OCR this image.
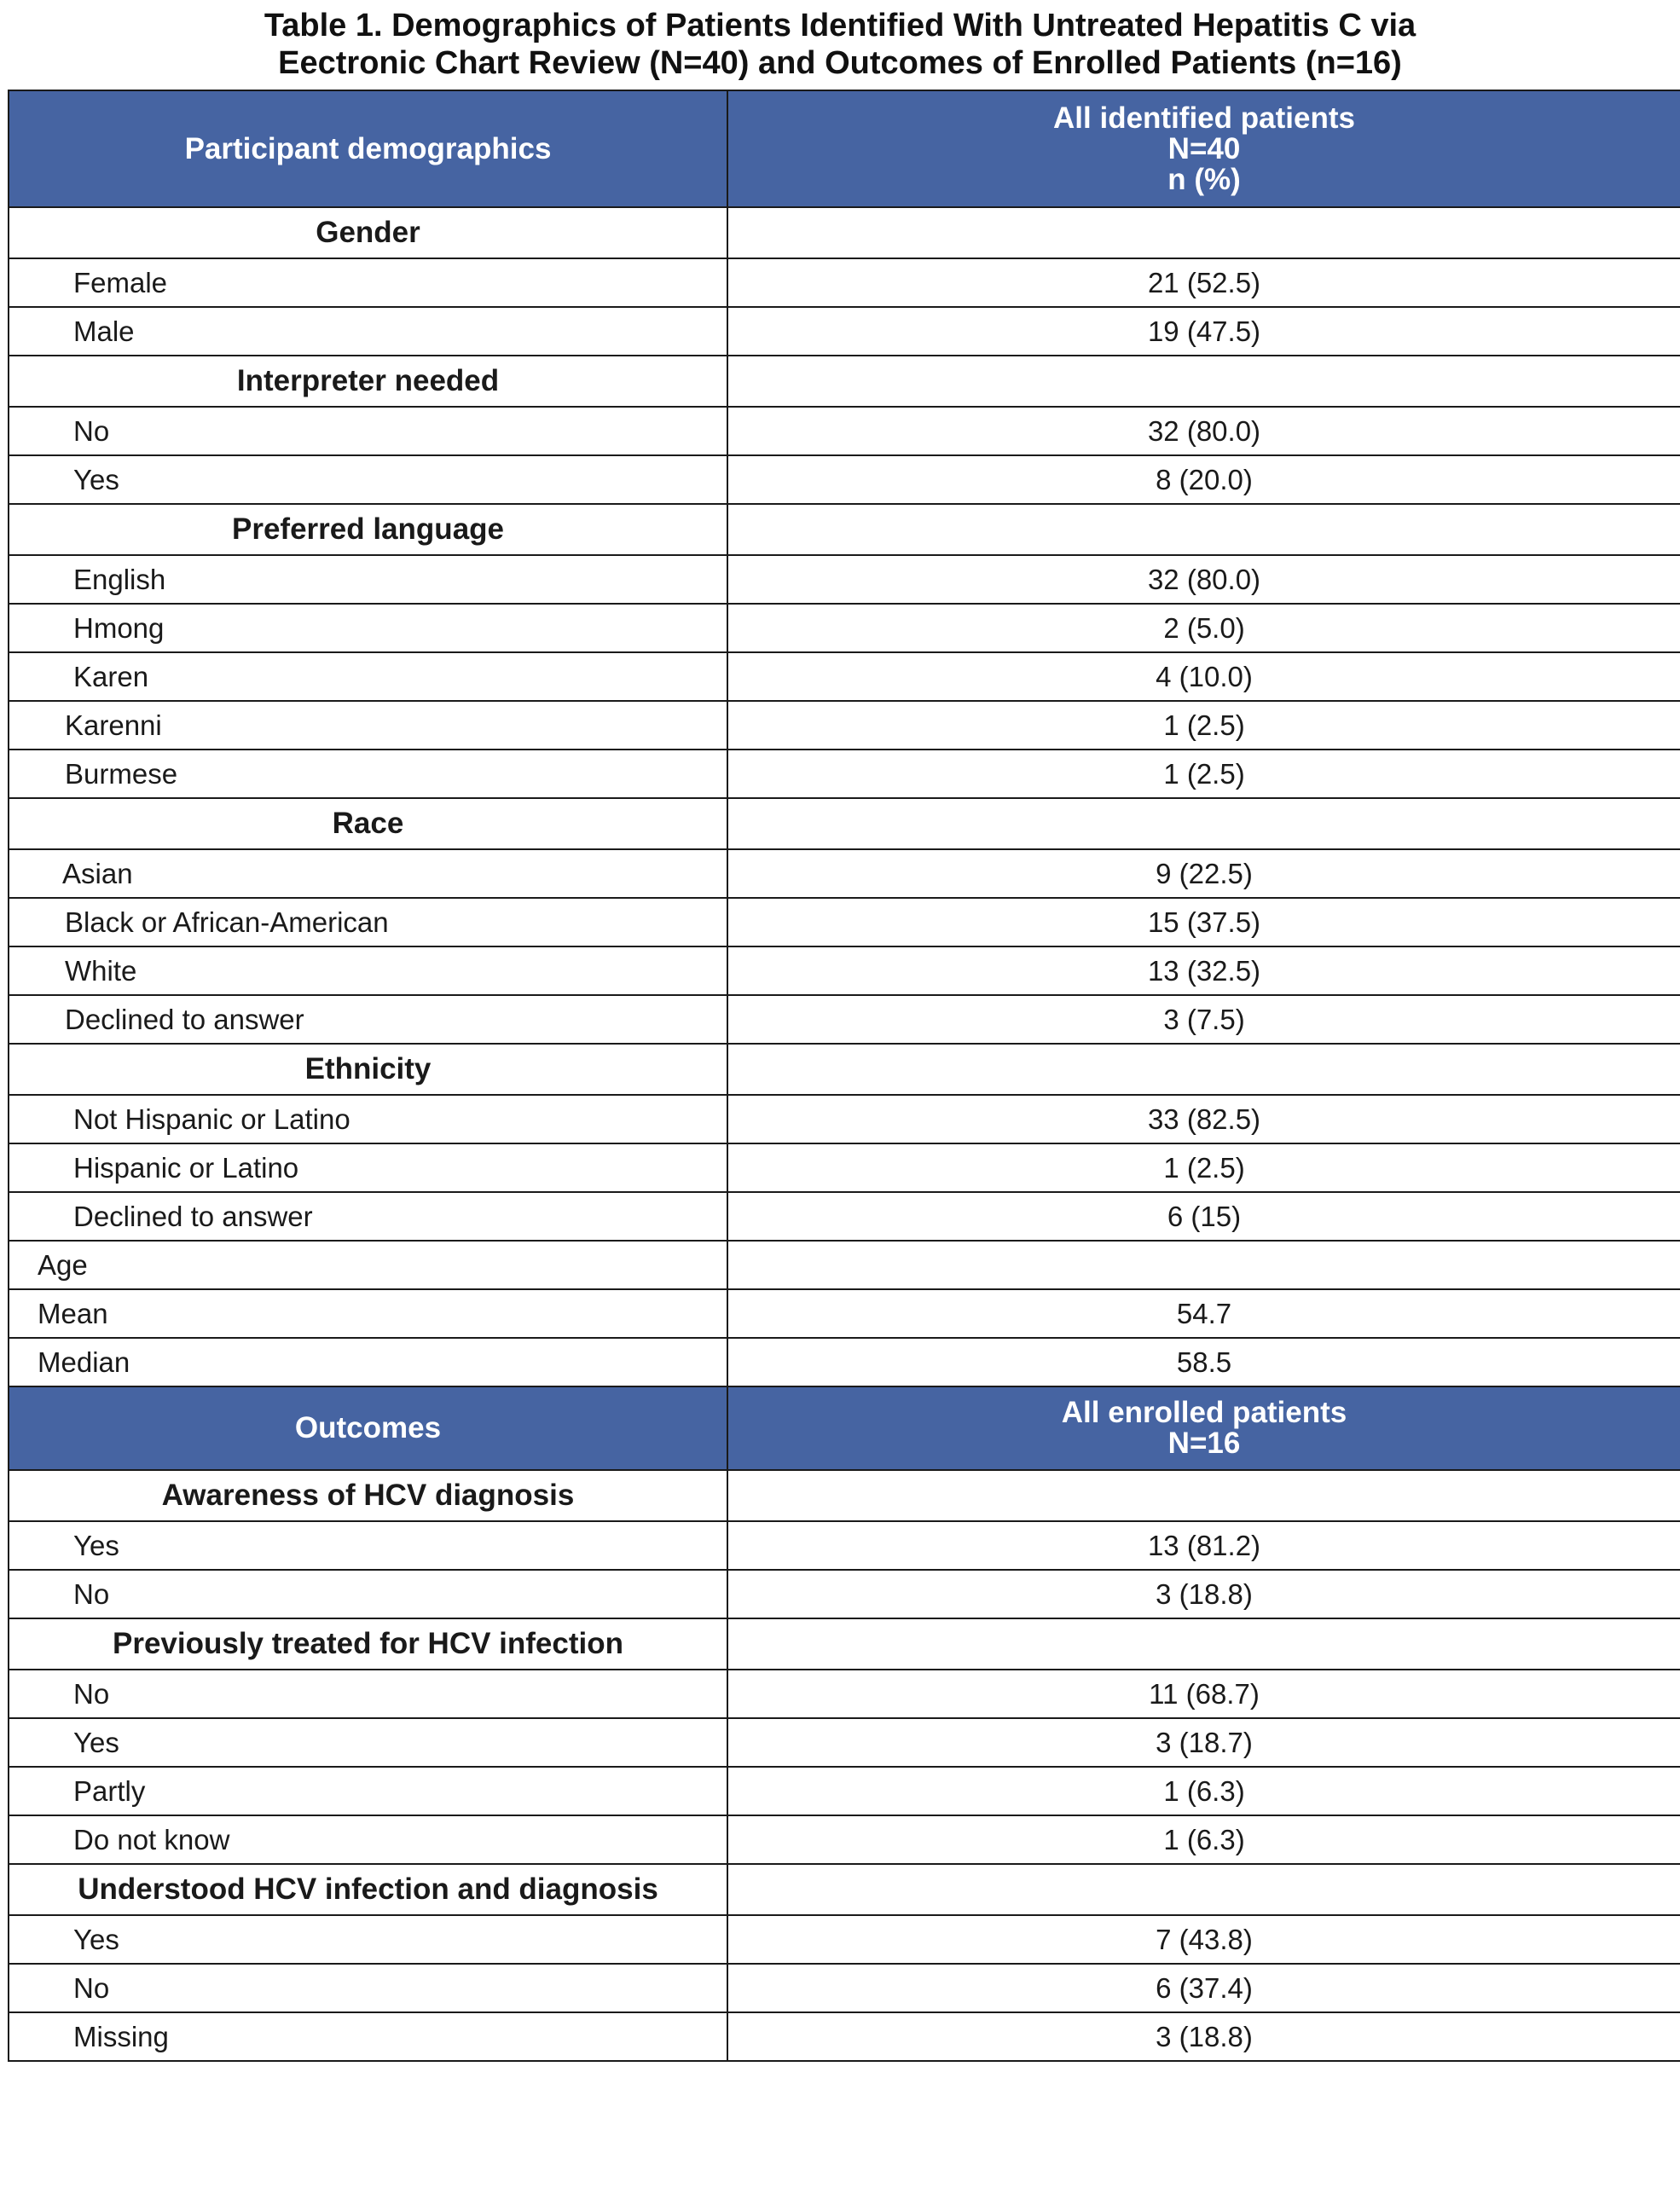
Table 1. Demographics of Patients Identified With Untreated Hepatitis C via
Eectronic Chart Review (N=40) and Outcomes of Enrolled Patients (n=16)
Participant demographics	All identified patients
N=40
n (%)

Gender	
Female	21 (52.5)
Male	19 (47.5)
Interpreter needed	
No	32 (80.0)
Yes	8 (20.0)
Preferred language	
English	32 (80.0)
Hmong	2 (5.0)
Karen	4 (10.0)
Karenni	1 (2.5)
Burmese	1 (2.5)
Race	
Asian	9 (22.5)
Black or African-American	15 (37.5)
White	13 (32.5)
Declined to answer	3 (7.5)
Ethnicity	
Not Hispanic or Latino	33 (82.5)
Hispanic or Latino	1 (2.5)
Declined to answer	6 (15)
Age	
Mean	54.7
Median	58.5
Outcomes	All enrolled patients
N=16

Awareness of HCV diagnosis	
Yes	13 (81.2)
No	3 (18.8)
Previously treated for HCV infection	
No	11 (68.7)
Yes	3 (18.7)
Partly	1 (6.3)
Do not know	1 (6.3)
Understood HCV infection and diagnosis	
Yes	7 (43.8)
No	6 (37.4)
Missing	3 (18.8)
